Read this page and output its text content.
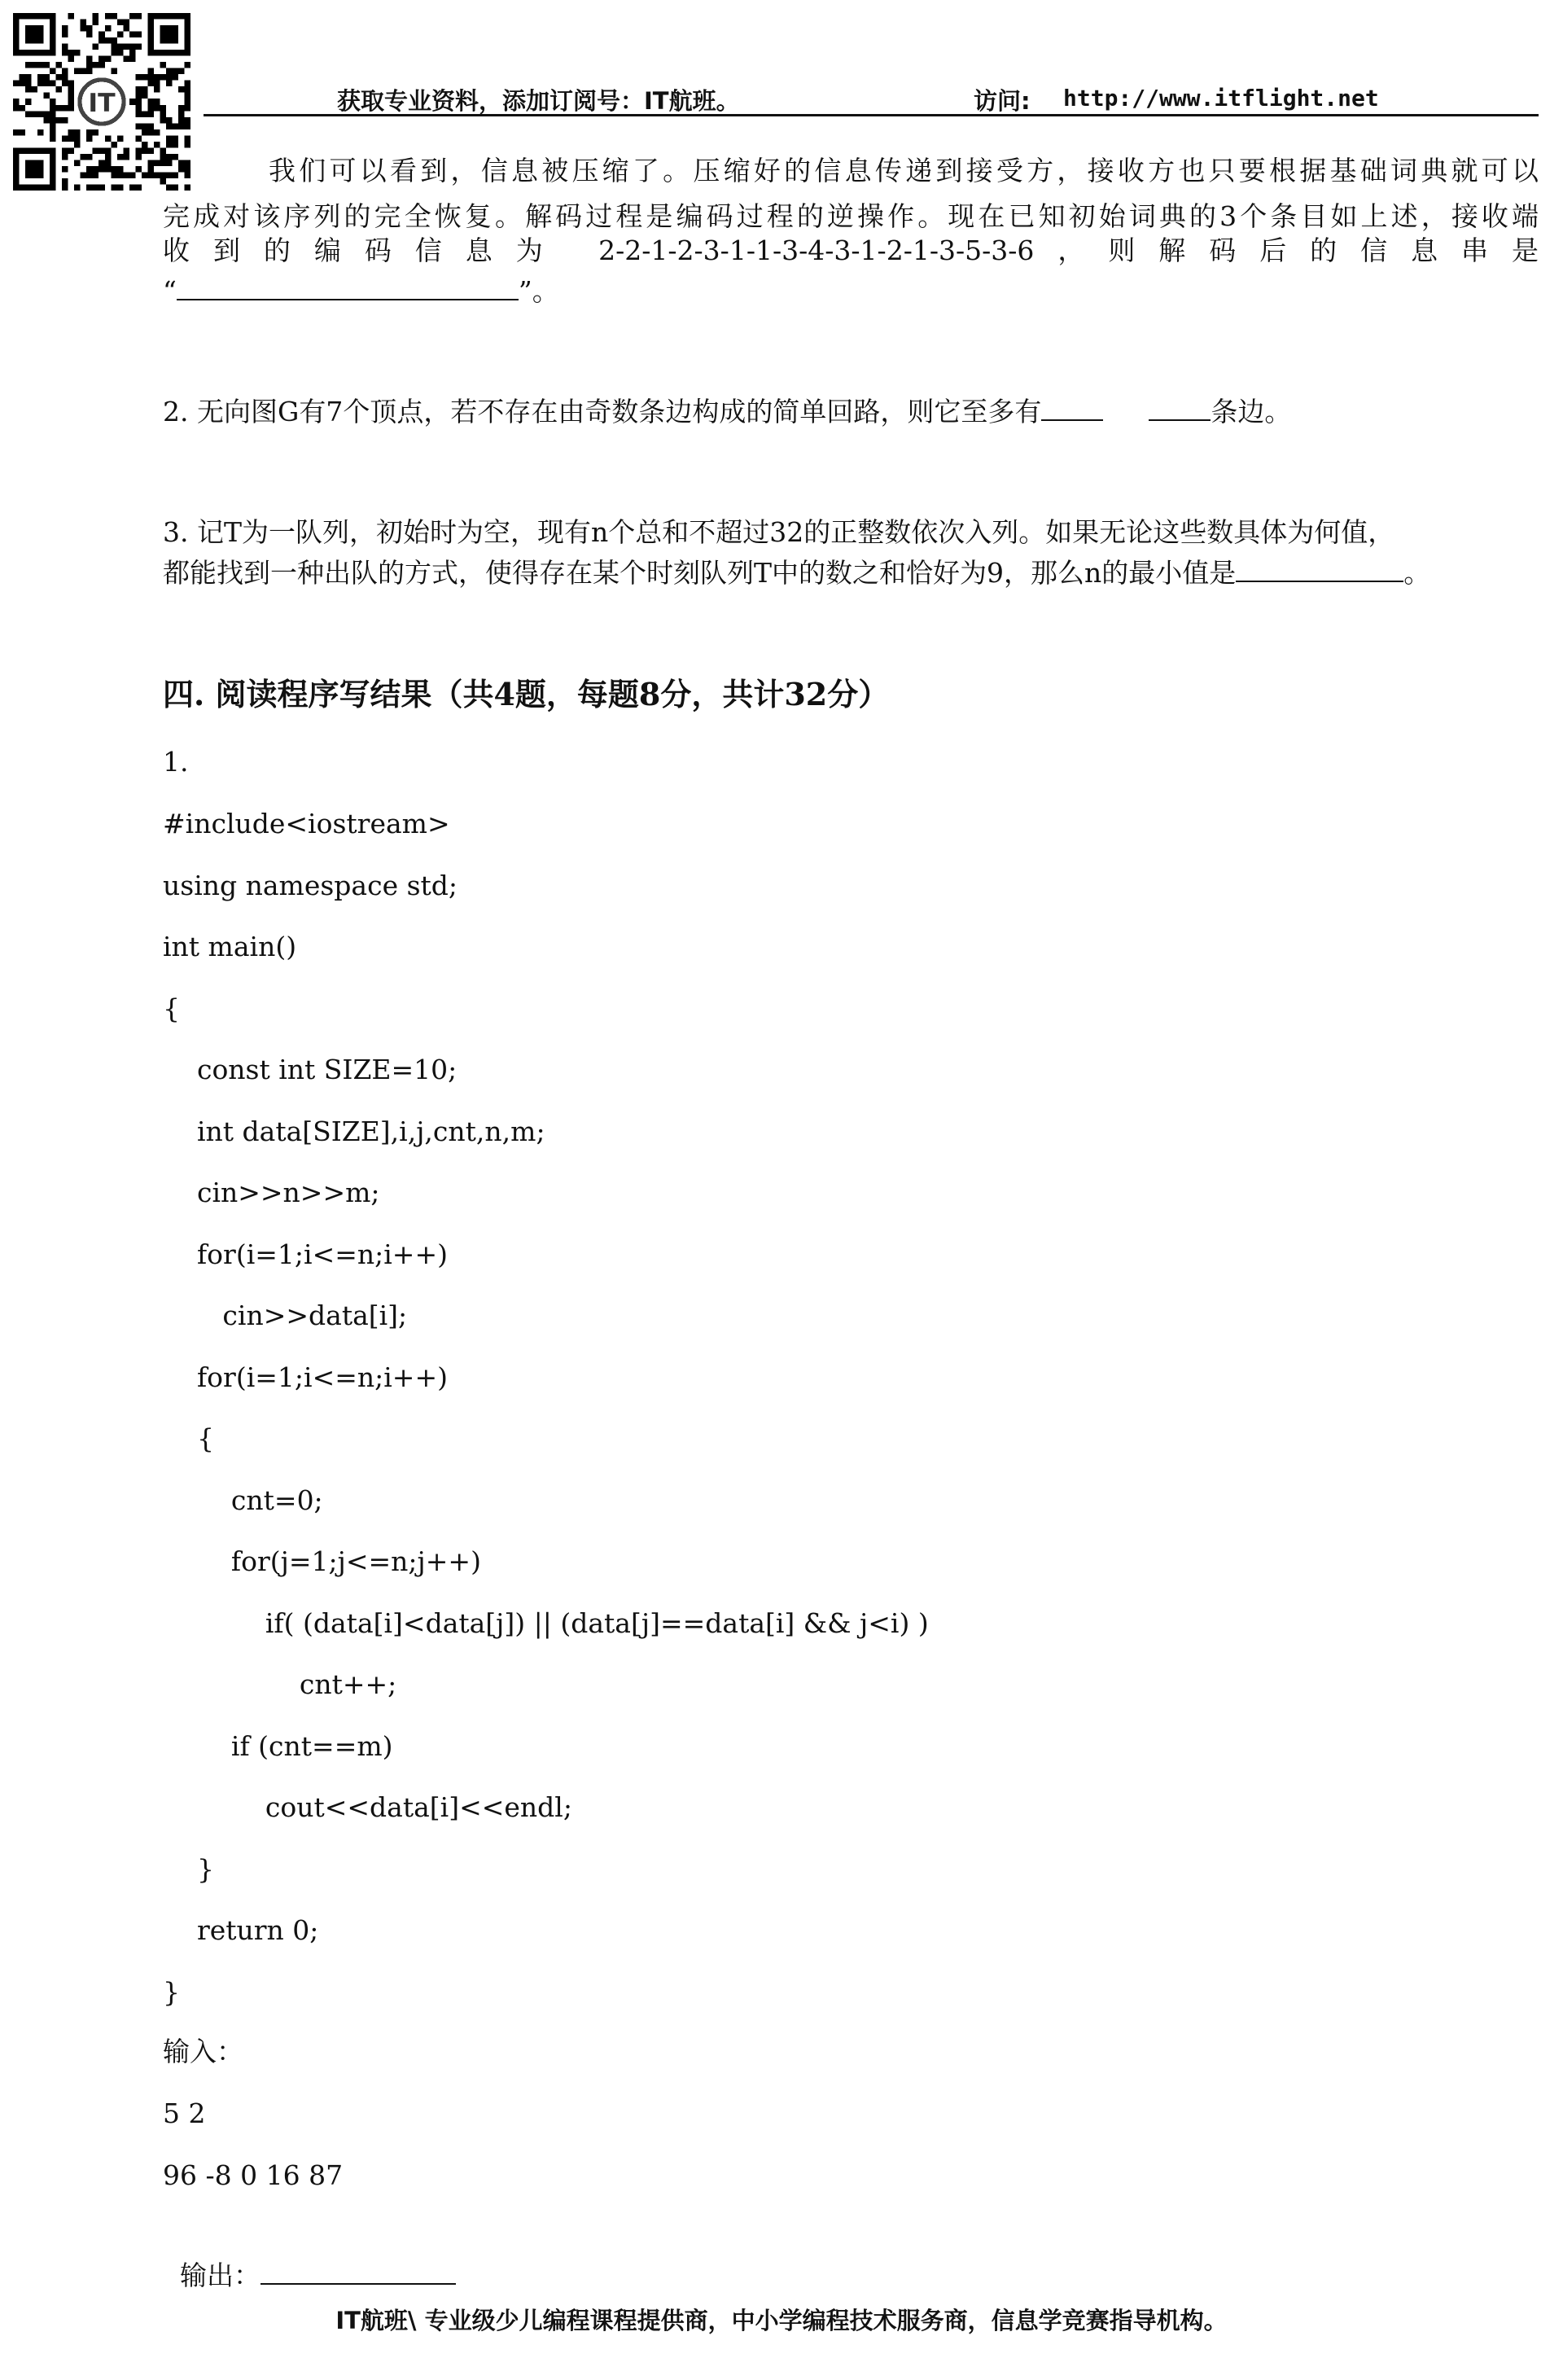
IT	获取专业资料，添加订阅号：IT航班。	访问: http://www.itflight.net
我们可以看到，信息被压缩了。压缩好的信息传递到接受方，接收方也只要根据基础词典就可以
完成对该序列的完全恢复。解码过程是编码过程的逆操作。现在已知初始词典的3个条目如上述，接收端
收到的编码信息为 2-2-1-2-3-1-1-3-4-3-1-2-1-3-5-3-6，则解码后的信息串是
“	”。
2. 无向图G有7个顶点，若不存在由奇数条边构成的简单回路，则它至多有	条边。
3. 记T为一队列，初始时为空，现有n个总和不超过32的正整数依次入列。如果无论这些数具体为何值，
都能找到一种出队的方式，使得存在某个时刻队列T中的数之和恰好为9，那么n的最小值是	。
四. 阅读程序写结果（共4题，每题8分，共计32分）
1.
#include<iostream>
using namespace std;
int main()
{
const int SIZE=10;
int data[SIZE],i,j,cnt,n,m;
cin>>n>>m;
for(i=1;i<=n;i++)
cin>>data[i];
for(i=1;i<=n;i++)
{
cnt=0;
for(j=1;j<=n;j++)
if( (data[i]<data[j]) || (data[j]==data[i] && j<i) )
cnt++;
if (cnt==m)
cout<<data[i]<<endl;
}
return 0;
}
输入：
5 2
96 -8 0 16 87

输出：

IT航班\ 专业级少儿编程课程提供商，中小学编程技术服务商，信息学竞赛指导机构。
